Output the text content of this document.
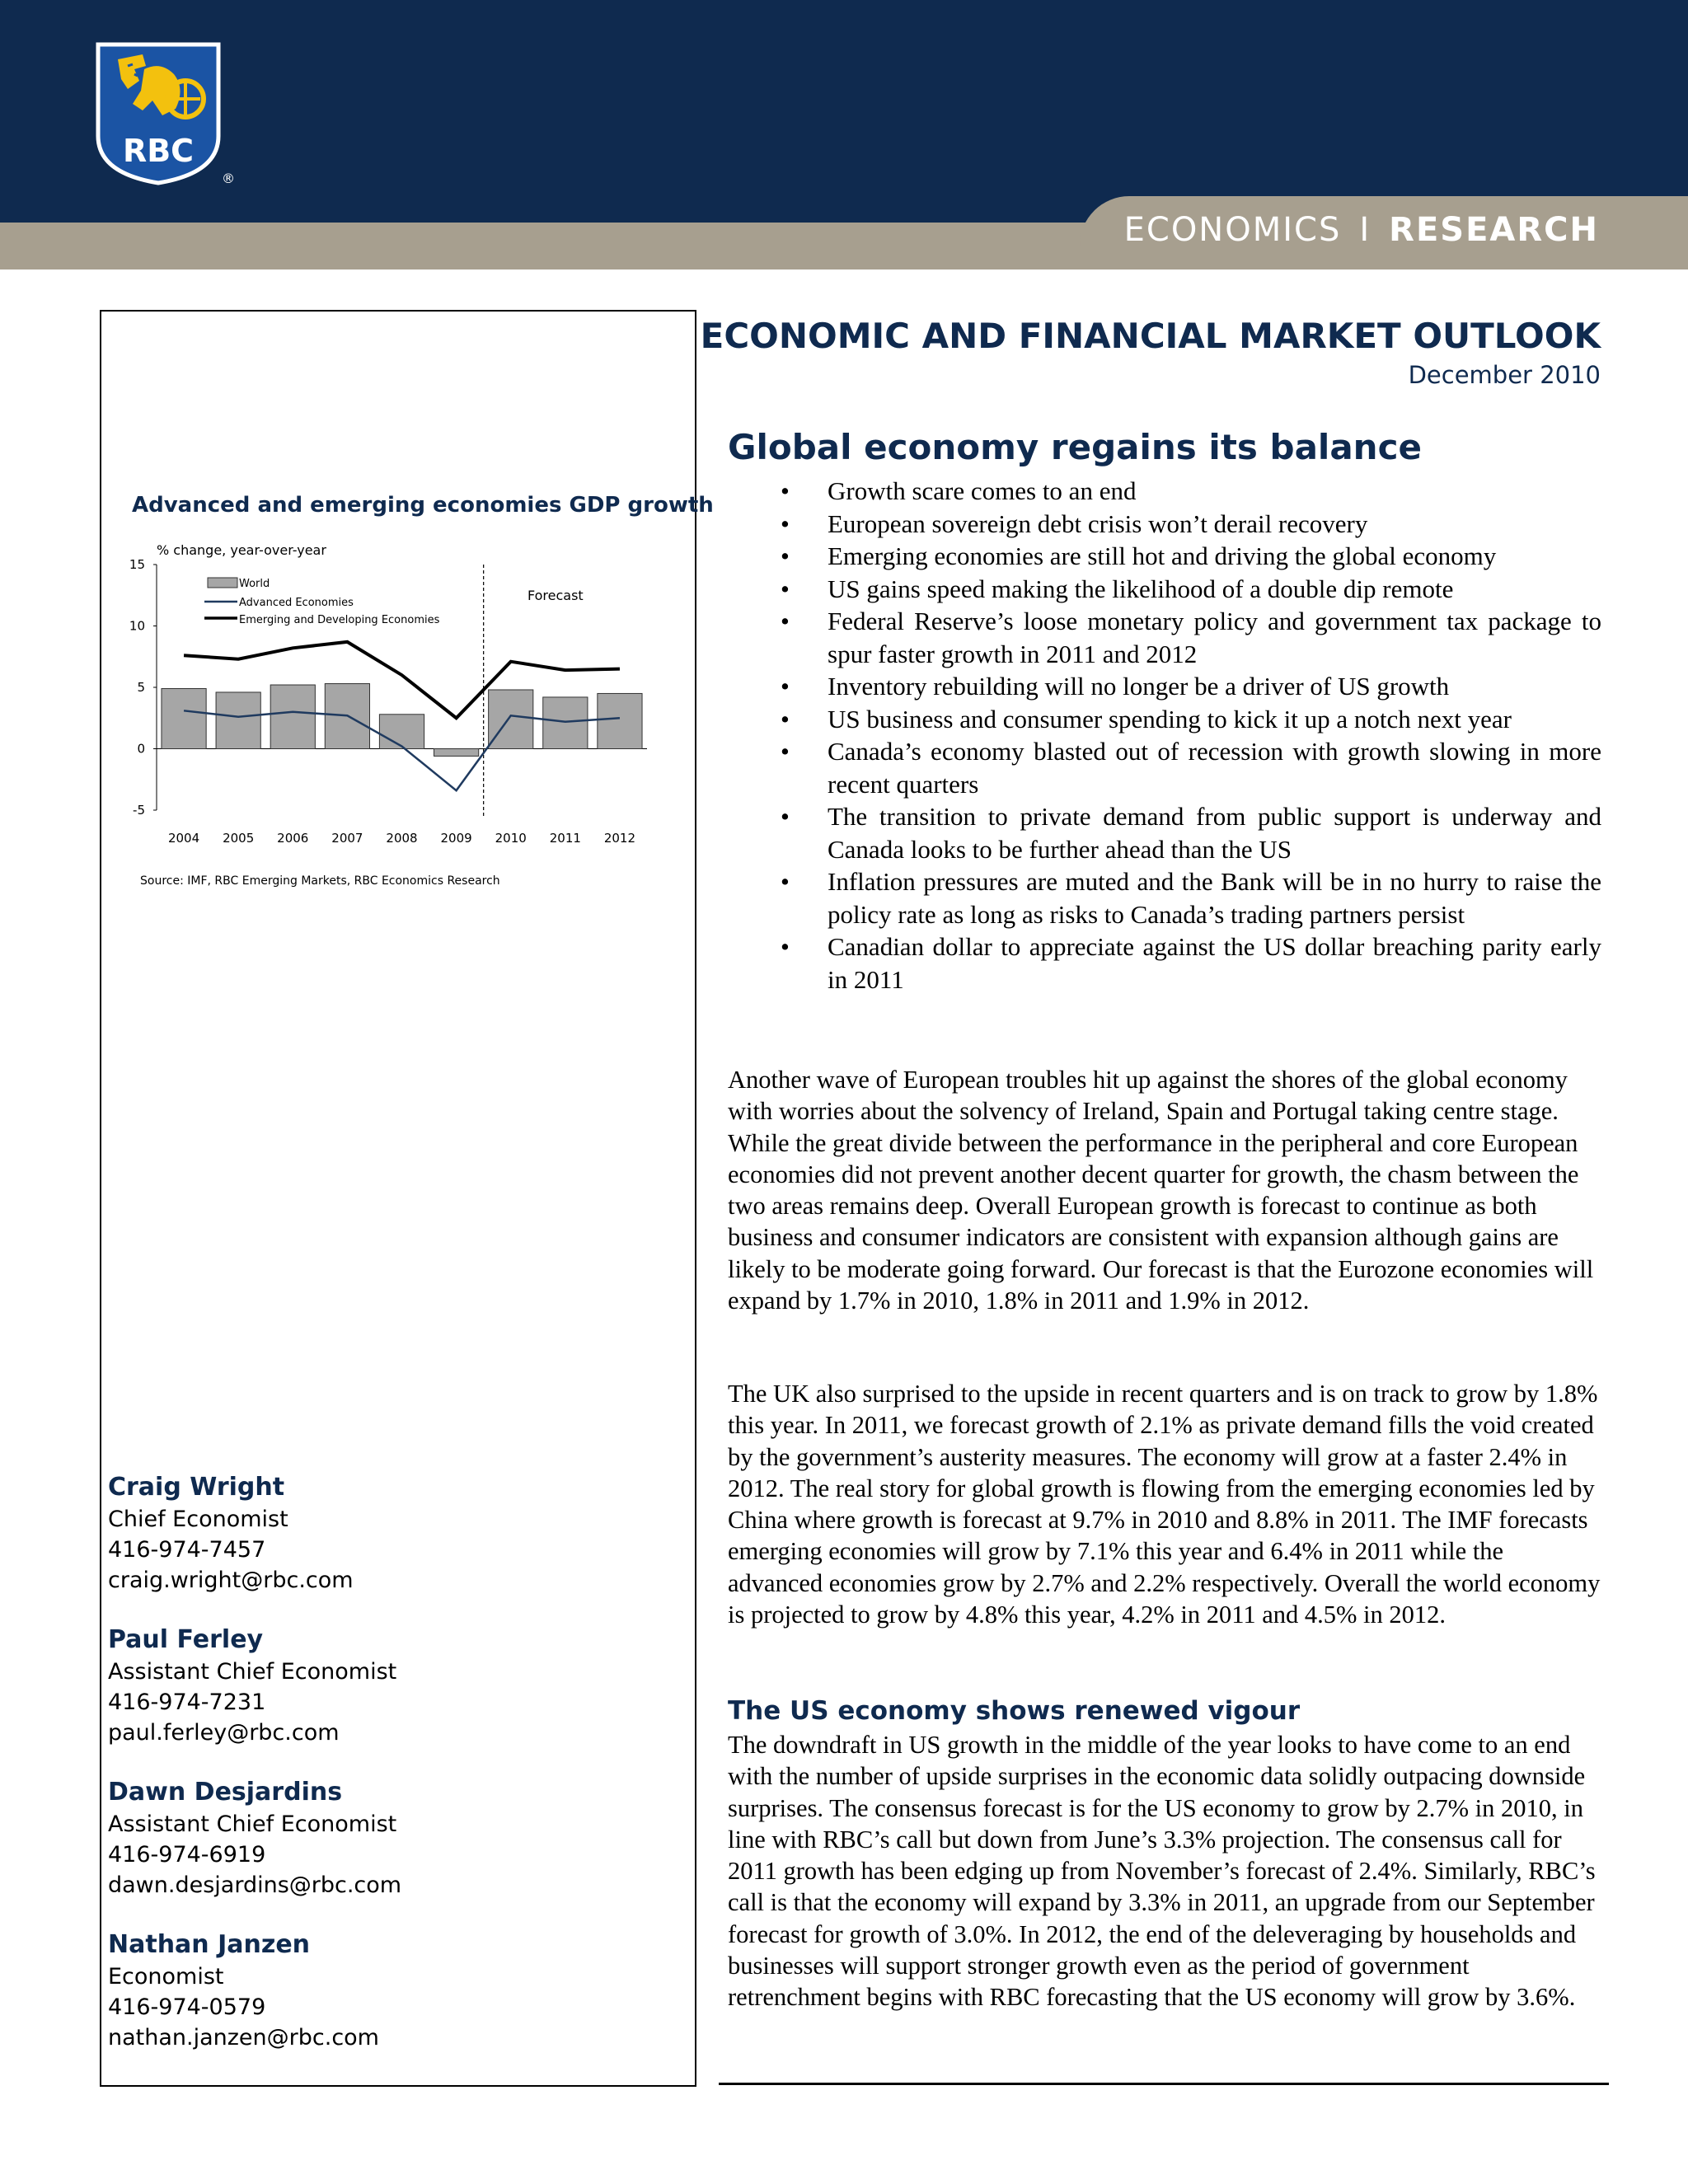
ECONOMICS I RESEARCH
RBC
®
ECONOMIC AND FINANCIAL MARKET OUTLOOK
December 2010
Advanced and emerging economies GDP growth
-5
0
5
10
15
2004 2005 2006 2007 2008 2009 2010 2011 2012
% change, year-over-year
Forecast
World
Advanced Economies
Emerging and Developing Economies
Source: IMF, RBC Emerging Markets, RBC Economics Research
Craig Wright
Chief Economist
416-974-7457
craig.wright@rbc.com
Paul Ferley
Assistant Chief Economist
416-974-7231
paul.ferley@rbc.com
Dawn Desjardins
Assistant Chief Economist
416-974-6919
dawn.desjardins@rbc.com
Nathan Janzen
Economist
416-974-0579
nathan.janzen@rbc.com
Global economy regains its balance
• Growth scare comes to an end
• European sovereign debt crisis won’t derail recovery
• Emerging economies are still hot and driving the global economy
• US gains speed making the likelihood of a double dip remote
• Federal Reserve’s loose monetary policy and government tax package to spur faster growth in 2011 and 2012
• Inventory rebuilding will no longer be a driver of US growth
• US business and consumer spending to kick it up a notch next year
• Canada’s economy blasted out of recession with growth slowing in more recent quarters
• The transition to private demand from public support is underway and Canada looks to be further ahead than the US
• Inflation pressures are muted and the Bank will be in no hurry to raise the policy rate as long as risks to Canada’s trading partners persist
• Canadian dollar to appreciate against the US dollar breaching parity early in 2011

Another wave of European troubles hit up against the shores of the global economy with worries about the solvency of Ireland, Spain and Portugal taking centre stage. While the great divide between the performance in the peripheral and core European economies did not prevent another decent quarter for growth, the chasm between the two areas remains deep. Overall European growth is forecast to continue as both business and consumer indicators are consistent with expansion although gains are likely to be moderate going forward. Our forecast is that the Eurozone economies will expand by 1.7% in 2010, 1.8% in 2011 and 1.9% in 2012.

The UK also surprised to the upside in recent quarters and is on track to grow by 1.8% this year. In 2011, we forecast growth of 2.1% as private demand fills the void created by the government’s austerity measures. The economy will grow at a faster 2.4% in 2012. The real story for global growth is flowing from the emerging economies led by China where growth is forecast at 9.7% in 2010 and 8.8% in 2011. The IMF forecasts emerging economies will grow by 7.1% this year and 6.4% in 2011 while the advanced economies grow by 2.7% and 2.2% respectively. Overall the world economy is projected to grow by 4.8% this year, 4.2% in 2011 and 4.5% in 2012.

The US economy shows renewed vigour

The downdraft in US growth in the middle of the year looks to have come to an end with the number of upside surprises in the economic data solidly outpacing downside surprises. The consensus forecast is for the US economy to grow by 2.7% in 2010, in line with RBC’s call but down from June’s 3.3% projection. The consensus call for 2011 growth has been edging up from November’s forecast of 2.4%. Similarly, RBC’s call is that the economy will expand by 3.3% in 2011, an upgrade from our September forecast for growth of 3.0%. In 2012, the end of the deleveraging by households and businesses will support stronger growth even as the period of government retrenchment begins with RBC forecasting that the US economy will grow by 3.6%.
